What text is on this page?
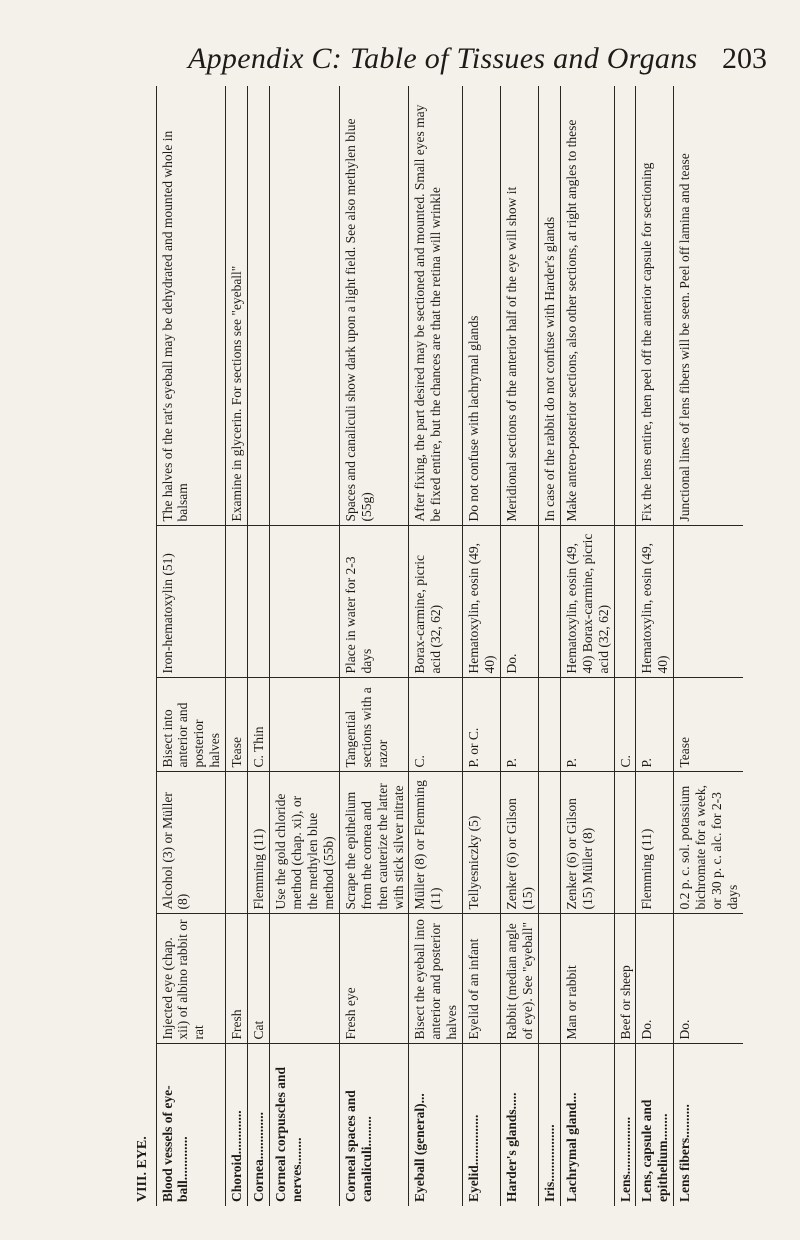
Appendix C: Table of Tissues and Organs 203
VIII. EYE.					
Blood vessels of eye-ball.............	Injected eye (chap. xii) of albino rabbit or rat	Alcohol (3) or Müller (8)	Bisect into anterior and posterior halves	Iron-hematoxylin (51)	The halves of the rat's eyeball may be dehydrated and mounted whole in balsam
Choroid.............	Fresh		Tease		Examine in glycerin. For sections see "eyeball"
Cornea..............	Cat	Flemming (11)	C. Thin		
Corneal corpuscles and nerves........		Use the gold chloride method (chap. xi), or the methylen blue method (55b)			
Corneal spaces and canaliculi.........	Fresh eye	Scrape the epithelium from the cornea and then cauterize the latter with stick silver nitrate	Tangential sections with a razor	Place in water for 2-3 days	Spaces and canaliculi show dark upon a light field. See also methylen blue (55g)
Eyeball (general)...	Bisect the eyeball into anterior and posterior halves	Müller (8) or Flemming (11)	C.	Borax-carmine, picric acid (32, 62)	After fixing, the part desired may be sectioned and mounted. Small eyes may be fixed entire, but the chances are that the retina will wrinkle
Eyelid...............	Eyelid of an infant	Tellyesniczky (5)	P. or C.	Hematoxylin, eosin (49, 40)	Do not confuse with lachrymal glands
Harder's glands.....	Rabbit (median angle of eye). See "eyeball"	Zenker (6) or Gilson (15)	P.	Do.	Meridional sections of the anterior half of the eye will show it
Iris.................					In case of the rabbit do not confuse with Harder's glands
Lachrymal gland...	Man or rabbit	Zenker (6) or Gilson (15) Müller (8)	P.	Hematoxylin, eosin (49, 40) Borax-carmine, picric acid (32, 62)	Make antero-posterior sections, also other sections, at right angles to these
Lens.................	Beef or sheep		C.		
Lens, capsule and epithelium........	Do.	Flemming (11)	P.	Hematoxylin, eosin (49, 40)	Fix the lens entire, then peel off the anterior capsule for sectioning
Lens fibers..........	Do.	0.2 p. c. sol. potassium bichromate for a week, or 30 p. c. alc. for 2-3 days	Tease		Junctional lines of lens fibers will be seen. Peel off lamina and tease
